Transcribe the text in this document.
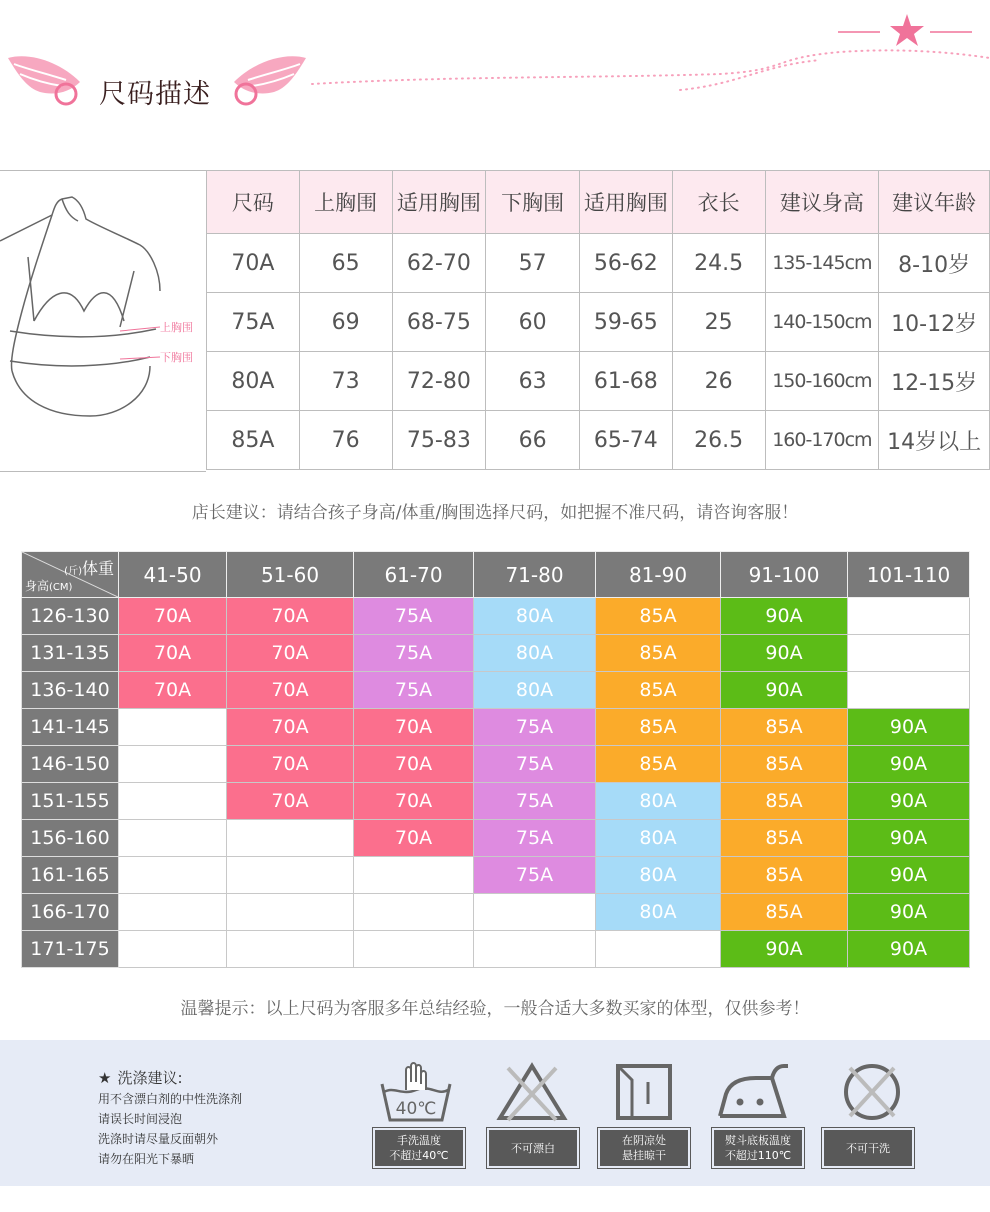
尺码描述
上胸围
下胸围
尺码	上胸围	适用胸围	下胸围	适用胸围	衣长	建议身高	建议年龄
70A	65	62-70	57	56-62	24.5	135-145cm	8-10岁
75A	69	68-75	60	59-65	25	140-150cm	10-12岁
80A	73	72-80	63	61-68	26	150-160cm	12-15岁
85A	76	75-83	66	65-74	26.5	160-170cm	14岁以上
店长建议：请结合孩子身高/体重/胸围选择尺码，如把握不准尺码，请咨询客服！
(斤)体重
身高(CM)	41-50	51-60	61-70	71-80	81-90	91-100	101-110
126-130	70A	70A	75A	80A	85A	90A	
131-135	70A	70A	75A	80A	85A	90A	
136-140	70A	70A	75A	80A	85A	90A	
141-145		70A	70A	75A	85A	85A	90A
146-150		70A	70A	75A	85A	85A	90A
151-155		70A	70A	75A	80A	85A	90A
156-160			70A	75A	80A	85A	90A
161-165				75A	80A	85A	90A
166-170					80A	85A	90A
171-175						90A	90A
温馨提示：以上尺码为客服多年总结经验，一般合适大多数买家的体型，仅供参考！
★ 洗涤建议:
用不含漂白剂的中性洗涤剂
请误长时间浸泡
洗涤时请尽量反面朝外
请勿在阳光下暴晒
40℃
手洗温度
不超过40℃
不可漂白
在阴凉处
悬挂晾干
熨斗底板温度
不超过110℃
不可干洗
